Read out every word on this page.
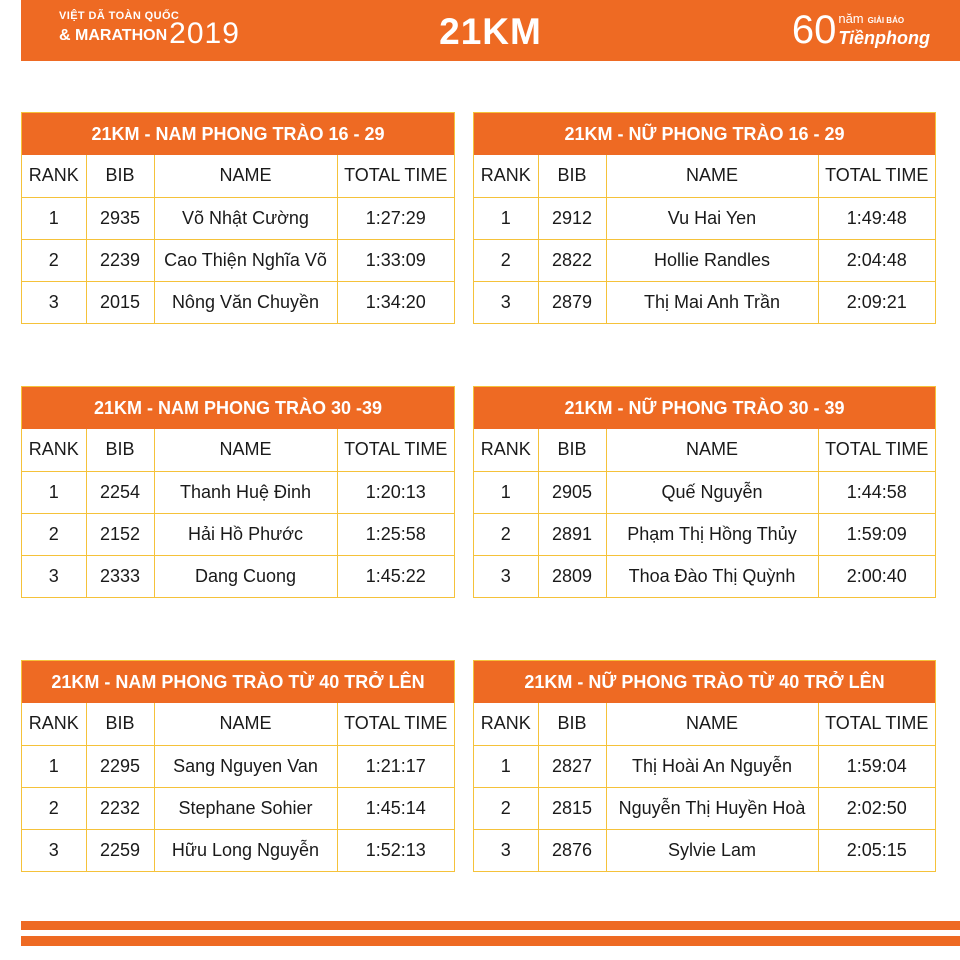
VIỆT DÃ TOÀN QUỐC
& MARATHON2019	21KM	60 năm GIẢI BÁO
Tiềnphong
21KM - NAM PHONG TRÀO 16 - 29
RANK	BIB	NAME	TOTAL TIME
1	2935	Võ Nhật Cường	1:27:29
2	2239	Cao Thiện Nghĩa Võ	1:33:09
3	2015	Nông Văn Chuyền	1:34:20
21KM - NỮ PHONG TRÀO 16 - 29
RANK	BIB	NAME	TOTAL TIME
1	2912	Vu Hai Yen	1:49:48
2	2822	Hollie Randles	2:04:48
3	2879	Thị Mai Anh Trần	2:09:21
21KM - NAM PHONG TRÀO 30 -39
RANK	BIB	NAME	TOTAL TIME
1	2254	Thanh Huệ Đinh	1:20:13
2	2152	Hải Hồ Phước	1:25:58
3	2333	Dang Cuong	1:45:22
21KM - NỮ PHONG TRÀO 30 - 39
RANK	BIB	NAME	TOTAL TIME
1	2905	Quế Nguyễn	1:44:58
2	2891	Phạm Thị Hồng Thủy	1:59:09
3	2809	Thoa Đào Thị Quỳnh	2:00:40
21KM - NAM PHONG TRÀO TỪ 40 TRỞ LÊN
RANK	BIB	NAME	TOTAL TIME
1	2295	Sang Nguyen Van	1:21:17
2	2232	Stephane Sohier	1:45:14
3	2259	Hữu Long Nguyễn	1:52:13
21KM - NỮ PHONG TRÀO TỪ 40 TRỞ LÊN
RANK	BIB	NAME	TOTAL TIME
1	2827	Thị Hoài An Nguyễn	1:59:04
2	2815	Nguyễn Thị Huyền Hoà	2:02:50
3	2876	Sylvie Lam	2:05:15
